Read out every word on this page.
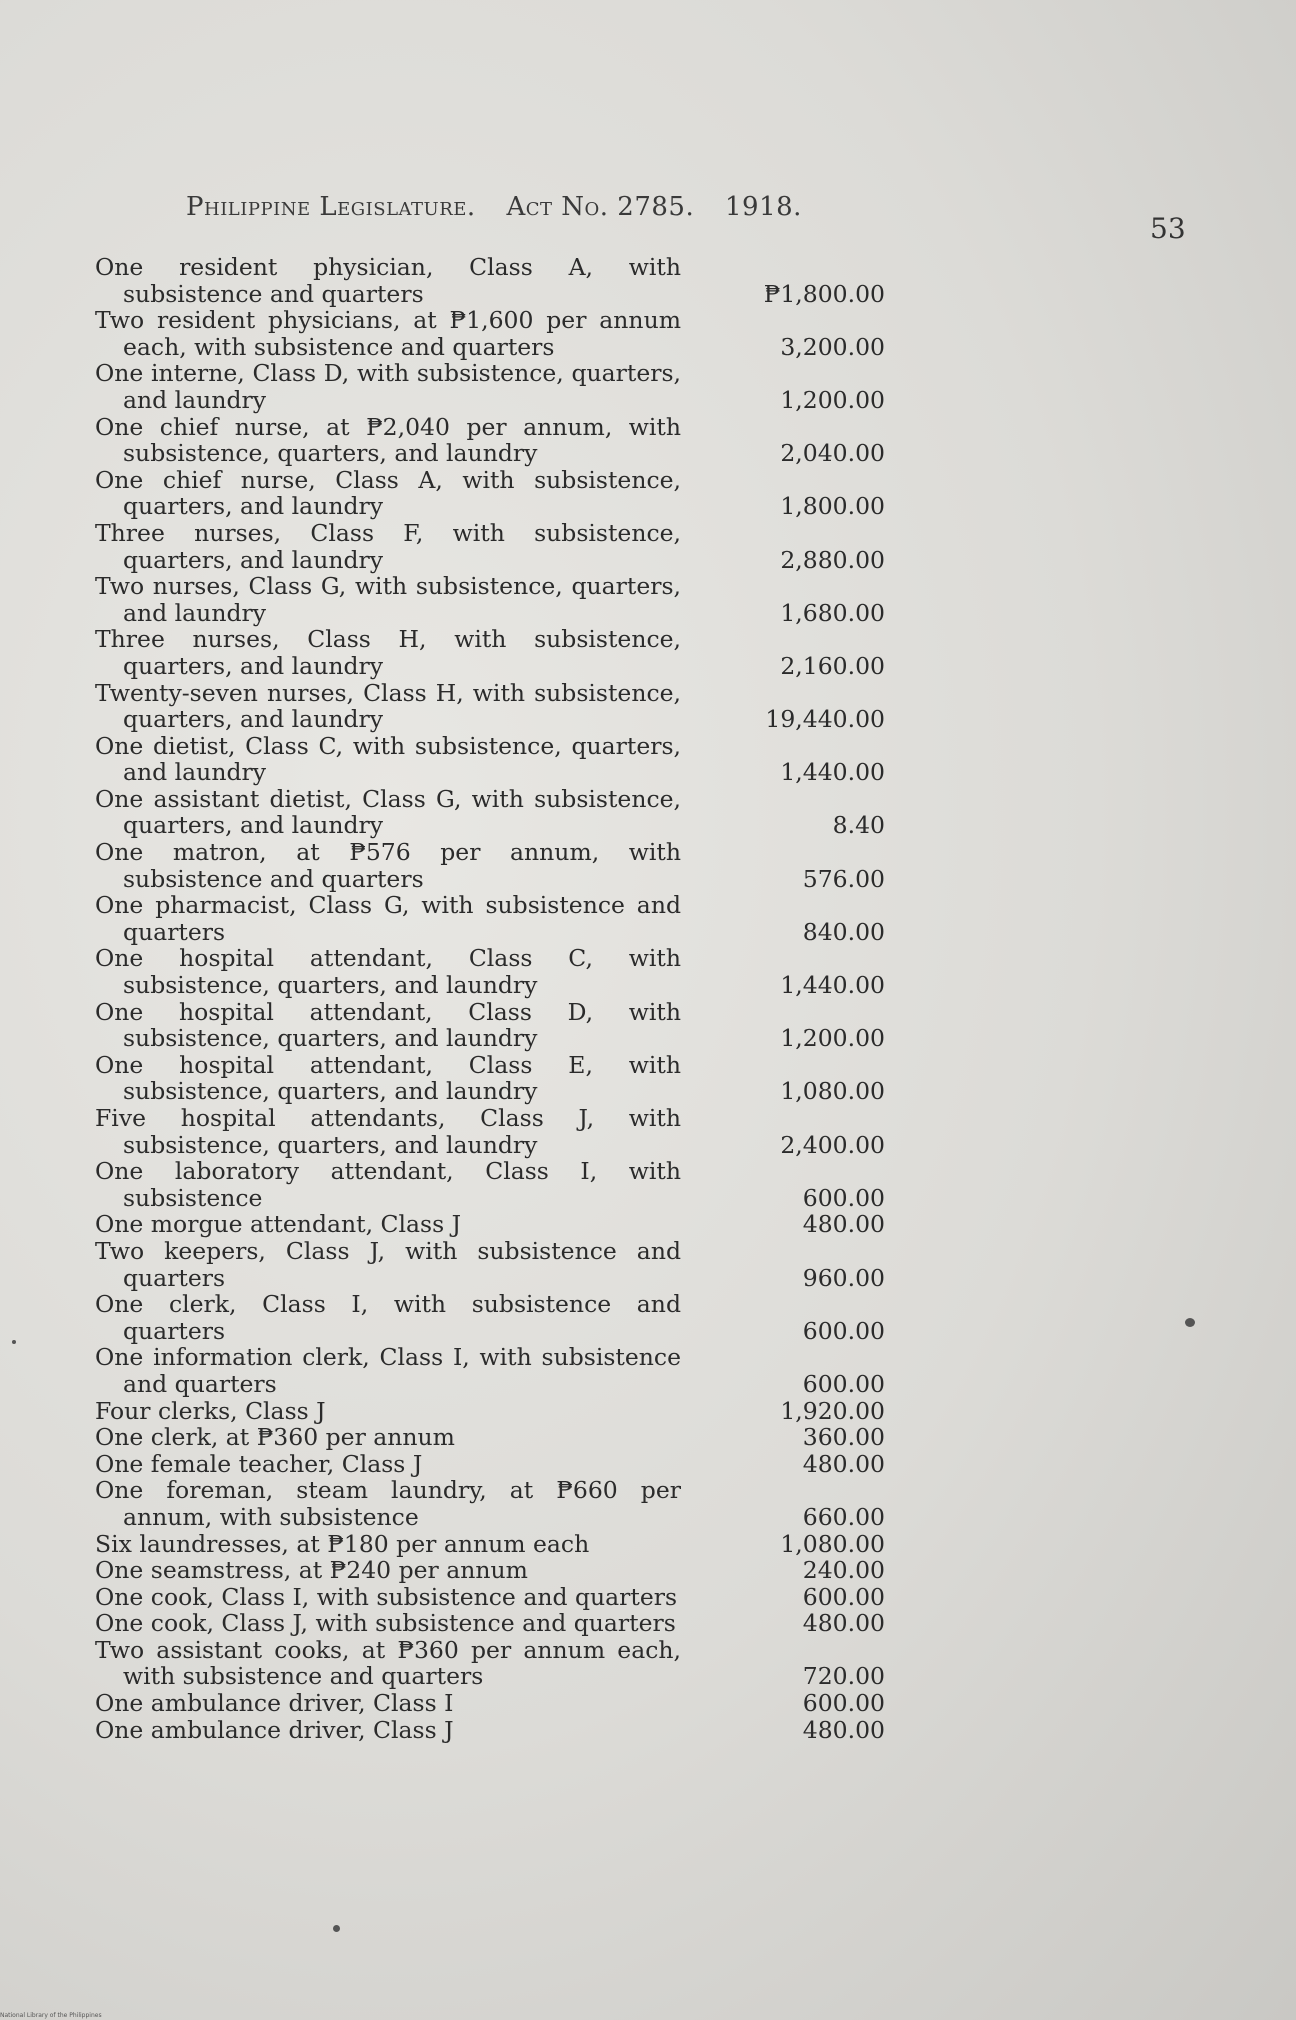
Philippine Legislature. Act No. 2785. 1918.
53
One resident physician, Class A, with subsistence and quarters	₱1,800.00
Two resident physicians, at ₱1,600 per annum each, with subsistence and quarters	3,200.00
One interne, Class D, with subsistence, quarters, and laundry	1,200.00
One chief nurse, at ₱2,040 per annum, with subsistence, quarters, and laundry	2,040.00
One chief nurse, Class A, with subsistence, quarters, and laundry	1,800.00
Three nurses, Class F, with subsistence, quarters, and laundry	2,880.00
Two nurses, Class G, with subsistence, quarters, and laundry	1,680.00
Three nurses, Class H, with subsistence, quarters, and laundry	2,160.00
Twenty-seven nurses, Class H, with subsistence, quarters, and laundry	19,440.00
One dietist, Class C, with subsistence, quarters, and laundry	1,440.00
One assistant dietist, Class G, with subsistence, quarters, and laundry	8.40
One matron, at ₱576 per annum, with subsistence and quarters	576.00
One pharmacist, Class G, with subsistence and quarters	840.00
One hospital attendant, Class C, with subsistence, quarters, and laundry	1,440.00
One hospital attendant, Class D, with subsistence, quarters, and laundry	1,200.00
One hospital attendant, Class E, with subsistence, quarters, and laundry	1,080.00
Five hospital attendants, Class J, with subsistence, quarters, and laundry	2,400.00
One laboratory attendant, Class I, with subsistence	600.00
One morgue attendant, Class J	480.00
Two keepers, Class J, with subsistence and quarters	960.00
One clerk, Class I, with subsistence and quarters	600.00
One information clerk, Class I, with subsistence and quarters	600.00
Four clerks, Class J	1,920.00
One clerk, at ₱360 per annum	360.00
One female teacher, Class J	480.00
One foreman, steam laundry, at ₱660 per annum, with subsistence	660.00
Six laundresses, at ₱180 per annum each	1,080.00
One seamstress, at ₱240 per annum	240.00
One cook, Class I, with subsistence and quarters	600.00
One cook, Class J, with subsistence and quarters	480.00
Two assistant cooks, at ₱360 per annum each, with subsistence and quarters	720.00
One ambulance driver, Class I	600.00
One ambulance driver, Class J	480.00
National Library of the Philippines
